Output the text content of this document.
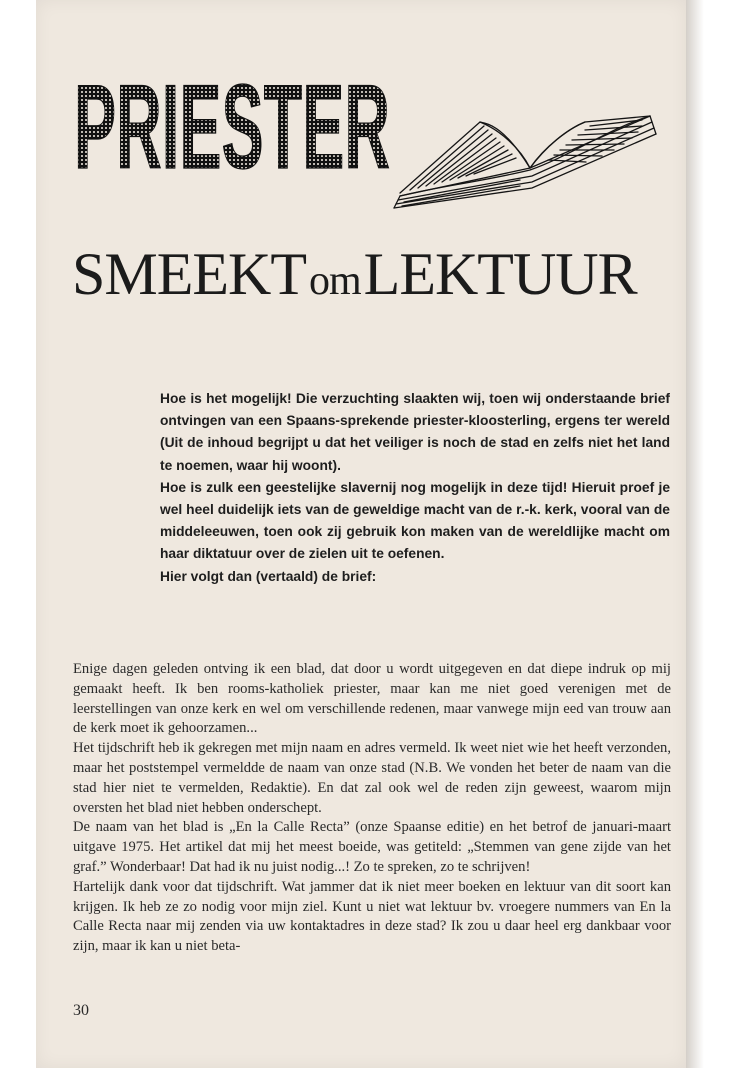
PRIESTER
SMEEKT om LEKTUUR

Hoe is het mogelijk! Die verzuchting slaakten wij, toen wij onderstaande brief ontvingen van een Spaans-sprekende priester-kloosterling, ergens ter wereld (Uit de inhoud begrijpt u dat het veiliger is noch de stad en zelfs niet het land te noemen, waar hij woont).

Hoe is zulk een geestelijke slavernij nog mogelijk in deze tijd! Hieruit proef je wel heel duidelijk iets van de geweldige macht van de r.-k. kerk, vooral van de middeleeuwen, toen ook zij gebruik kon maken van de wereldlijke macht om haar diktatuur over de zielen uit te oefenen.

Hier volgt dan (vertaald) de brief:

Enige dagen geleden ontving ik een blad, dat door u wordt uitgegeven en dat diepe indruk op mij gemaakt heeft. Ik ben rooms-katholiek priester, maar kan me niet goed verenigen met de leerstellingen van onze kerk en wel om verschillende redenen, maar vanwege mijn eed van trouw aan de kerk moet ik gehoorzamen...

Het tijdschrift heb ik gekregen met mijn naam en adres vermeld. Ik weet niet wie het heeft verzonden, maar het poststempel vermeldde de naam van onze stad (N.B. We vonden het beter de naam van die stad hier niet te vermelden, Redaktie). En dat zal ook wel de reden zijn geweest, waarom mijn oversten het blad niet hebben onderschept.

De naam van het blad is „En la Calle Recta” (onze Spaanse editie) en het betrof de januari-maart uitgave 1975. Het artikel dat mij het meest boeide, was getiteld: „Stemmen van gene zijde van het graf.” Wonderbaar! Dat had ik nu juist nodig...! Zo te spreken, zo te schrijven!

Hartelijk dank voor dat tijdschrift. Wat jammer dat ik niet meer boeken en lektuur van dit soort kan krijgen. Ik heb ze zo nodig voor mijn ziel. Kunt u niet wat lektuur bv. vroegere nummers van En la Calle Recta naar mij zenden via uw kontaktadres in deze stad? Ik zou u daar heel erg dankbaar voor zijn, maar ik kan u niet beta-

30
